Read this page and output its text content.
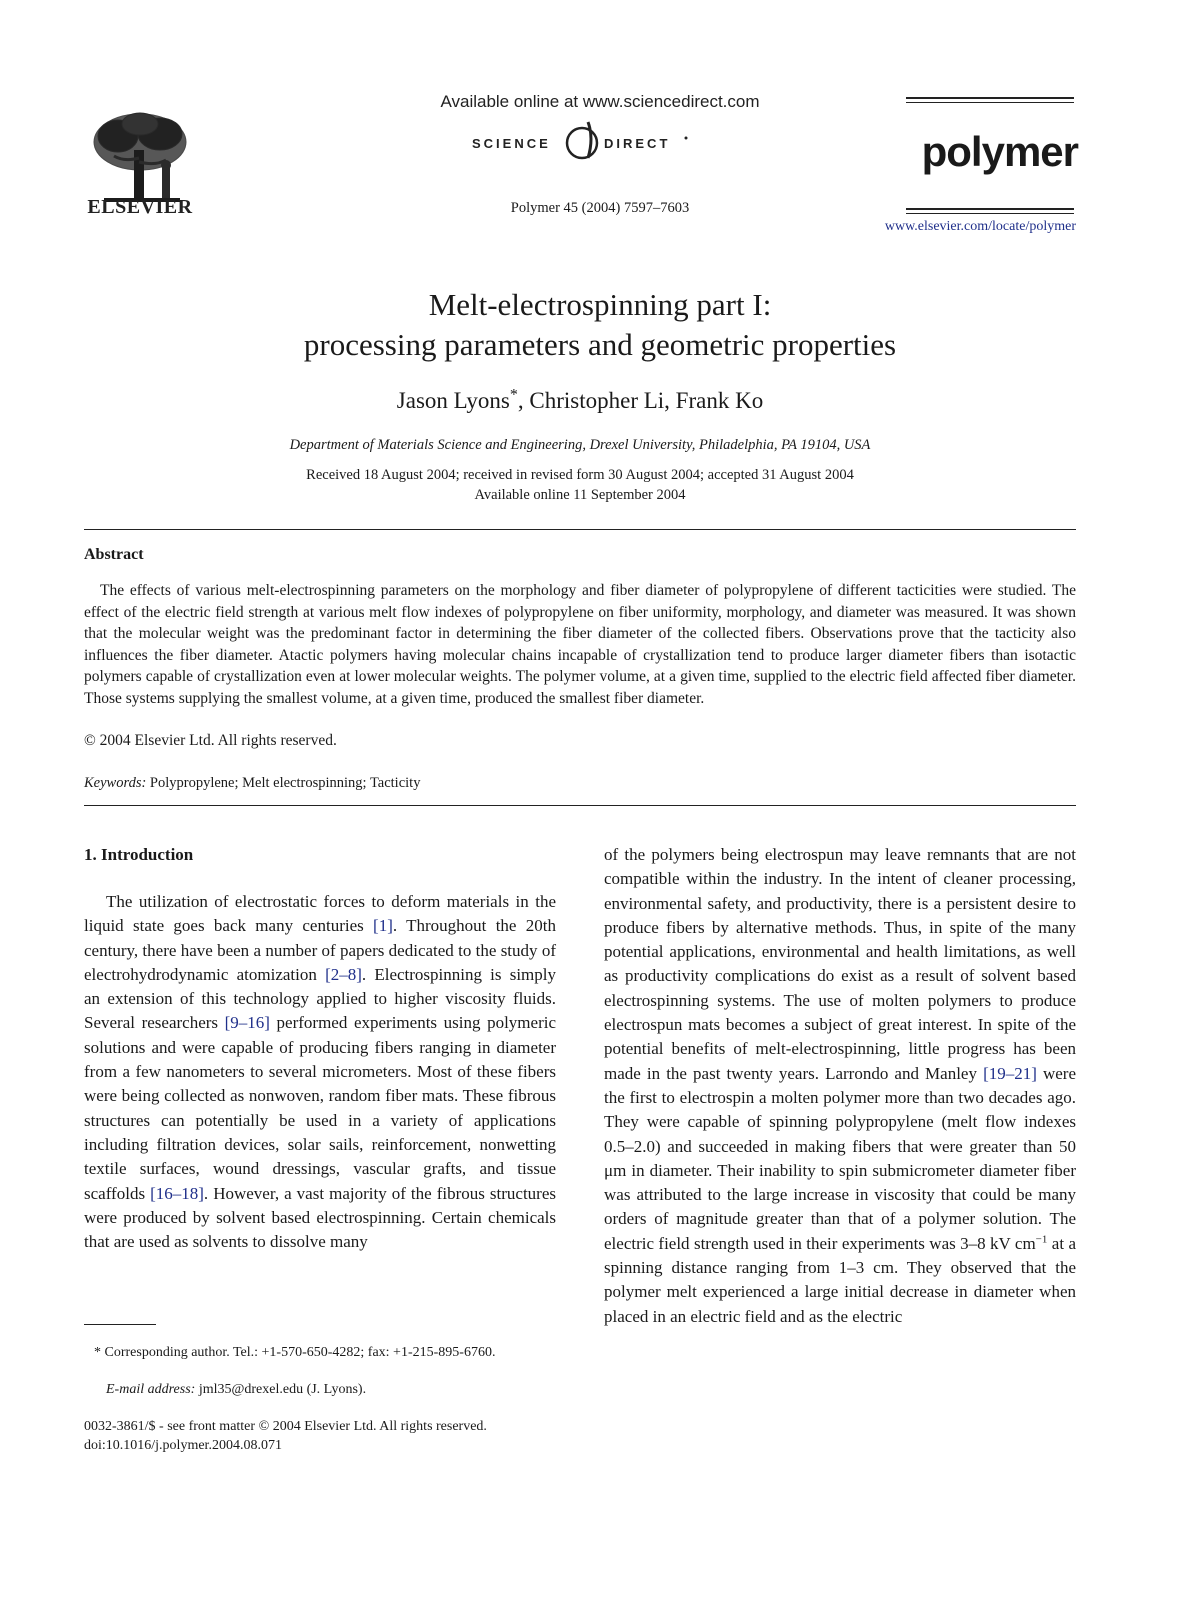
ELSEVIER
Available online at www.sciencedirect.com
SCIENCE	DIRECT
Polymer 45 (2004) 7597–7603
polymer
www.elsevier.com/locate/polymer
Melt-electrospinning part I:
processing parameters and geometric properties
Jason Lyons*, Christopher Li, Frank Ko
Department of Materials Science and Engineering, Drexel University, Philadelphia, PA 19104, USA
Received 18 August 2004; received in revised form 30 August 2004; accepted 31 August 2004
Available online 11 September 2004
Abstract
The effects of various melt-electrospinning parameters on the morphology and fiber diameter of polypropylene of different tacticities were studied. The effect of the electric field strength at various melt flow indexes of polypropylene on fiber uniformity, morphology, and diameter was measured. It was shown that the molecular weight was the predominant factor in determining the fiber diameter of the collected fibers. Observations prove that the tacticity also influences the fiber diameter. Atactic polymers having molecular chains incapable of crystallization tend to produce larger diameter fibers than isotactic polymers capable of crystallization even at lower molecular weights. The polymer volume, at a given time, supplied to the electric field affected fiber diameter. Those systems supplying the smallest volume, at a given time, produced the smallest fiber diameter.
© 2004 Elsevier Ltd. All rights reserved.
Keywords: Polypropylene; Melt electrospinning; Tacticity
1. Introduction
The utilization of electrostatic forces to deform materials in the liquid state goes back many centuries [1]. Throughout the 20th century, there have been a number of papers dedicated to the study of electrohydrodynamic atomization [2–8]. Electrospinning is simply an extension of this technology applied to higher viscosity fluids. Several researchers [9–16] performed experiments using polymeric solutions and were capable of producing fibers ranging in diameter from a few nanometers to several micrometers. Most of these fibers were being collected as nonwoven, random fiber mats. These fibrous structures can potentially be used in a variety of applications including filtration devices, solar sails, reinforcement, nonwetting textile surfaces, wound dressings, vascular grafts, and tissue scaffolds [16–18]. However, a vast majority of the fibrous structures were produced by solvent based electrospinning. Certain chemicals that are used as solvents to dissolve many
of the polymers being electrospun may leave remnants that are not compatible within the industry. In the intent of cleaner processing, environmental safety, and productivity, there is a persistent desire to produce fibers by alternative methods. Thus, in spite of the many potential applications, environmental and health limitations, as well as productivity complications do exist as a result of solvent based electrospinning systems. The use of molten polymers to produce electrospun mats becomes a subject of great interest. In spite of the potential benefits of melt-electrospinning, little progress has been made in the past twenty years. Larrondo and Manley [19–21] were the first to electrospin a molten polymer more than two decades ago. They were capable of spinning polypropylene (melt flow indexes 0.5–2.0) and succeeded in making fibers that were greater than 50 μm in diameter. Their inability to spin submicrometer diameter fiber was attributed to the large increase in viscosity that could be many orders of magnitude greater than that of a polymer solution. The electric field strength used in their experiments was 3–8 kV $cm^{-1}$ at a spinning distance ranging from 1–3 cm. They observed that the polymer melt experienced a large initial decrease in diameter when placed in an electric field and as the electric
* Corresponding author. Tel.: +1-570-650-4282; fax: +1-215-895-6760.
E-mail address: jml35@drexel.edu (J. Lyons).
0032-3861/$ - see front matter © 2004 Elsevier Ltd. All rights reserved.
doi:10.1016/j.polymer.2004.08.071
